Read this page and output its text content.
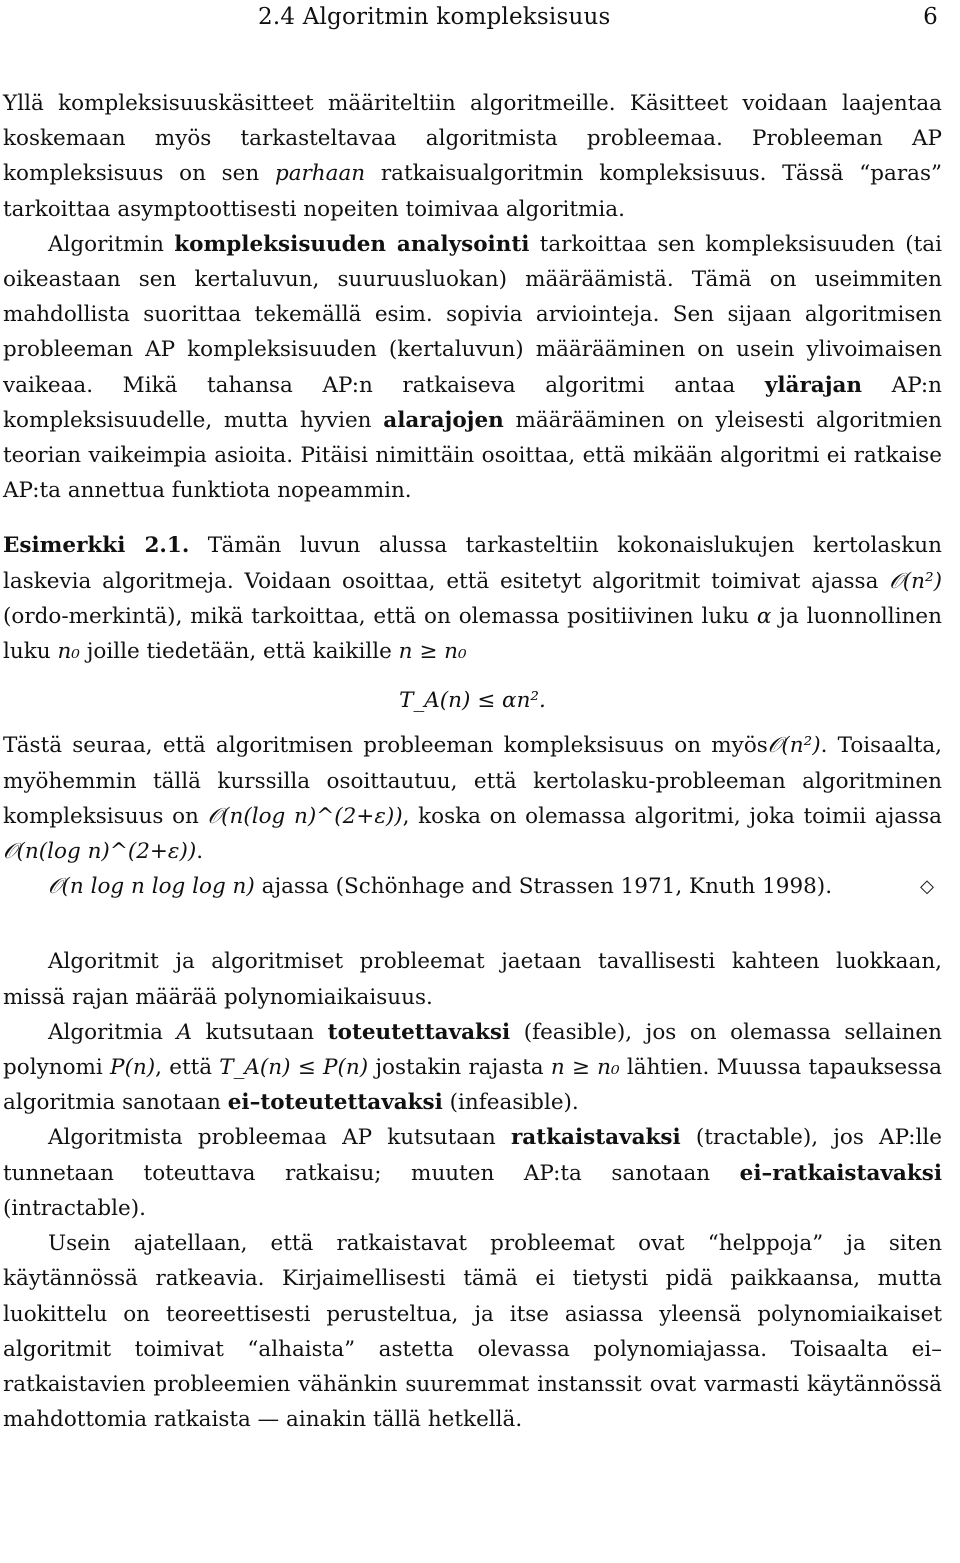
2.4 Algoritmin kompleksisuus	6

Yllä kompleksisuuskäsitteet määriteltiin algoritmeille. Käsitteet voidaan laajentaa koskemaan myös tarkasteltavaa algoritmista probleemaa. Probleeman AP kompleksisuus on sen parhaan ratkaisualgoritmin kompleksisuus. Tässä “paras” tarkoittaa asymptoottisesti nopeiten toimivaa algoritmia.

Algoritmin kompleksisuuden analysointi tarkoittaa sen kompleksisuuden (tai oikeastaan sen kertaluvun, suuruusluokan) määräämistä. Tämä on useimmiten mahdollista suorittaa tekemällä esim. sopivia arviointeja. Sen sijaan algoritmisen probleeman AP kompleksisuuden (kertaluvun) määrääminen on usein ylivoimaisen vaikeaa. Mikä tahansa AP:n ratkaiseva algoritmi antaa ylärajan AP:n kompleksisuudelle, mutta hyvien alarajojen määrääminen on yleisesti algoritmien teorian vaikeimpia asioita. Pitäisi nimittäin osoittaa, että mikään algoritmi ei ratkaise AP:ta annettua funktiota nopeammin.

Esimerkki 2.1. Tämän luvun alussa tarkasteltiin kokonaislukujen kertolaskun laskevia algoritmeja. Voidaan osoittaa, että esitetyt algoritmit toimivat ajassa 𝒪(n²) (ordo-merkintä), mikä tarkoittaa, että on olemassa positiivinen luku α ja luonnollinen luku n₀ joille tiedetään, että kaikille n ≥ n₀

T_A(n) ≤ αn².

Tästä seuraa, että algoritmisen probleeman kompleksisuus on myös𝒪(n²). Toisaalta, myöhemmin tällä kurssilla osoittautuu, että kertolasku-probleeman algoritminen kompleksisuus on 𝒪(n(log n)^(2+ε)), koska on olemassa algoritmi, joka toimii ajassa 𝒪(n(log n)^(2+ε)).

𝒪(n log n log log n) ajassa (Schönhage and Strassen 1971, Knuth 1998).	◇

Algoritmit ja algoritmiset probleemat jaetaan tavallisesti kahteen luokkaan, missä rajan määrää polynomiaikaisuus.

Algoritmia A kutsutaan toteutettavaksi (feasible), jos on olemassa sellainen polynomi P(n), että T_A(n) ≤ P(n) jostakin rajasta n ≥ n₀ lähtien. Muussa tapauksessa algoritmia sanotaan ei–toteutettavaksi (infeasible).

Algoritmista probleemaa AP kutsutaan ratkaistavaksi (tractable), jos AP:lle tunnetaan toteuttava ratkaisu; muuten AP:ta sanotaan ei–ratkaistavaksi (intractable).

Usein ajatellaan, että ratkaistavat probleemat ovat “helppoja” ja siten käytännössä ratkeavia. Kirjaimellisesti tämä ei tietysti pidä paikkaansa, mutta luokittelu on teoreettisesti perusteltua, ja itse asiassa yleensä polynomiaikaiset algoritmit toimivat “alhaista” astetta olevassa polynomiajassa. Toisaalta ei–ratkaistavien probleemien vähänkin suuremmat instanssit ovat varmasti käytännössä mahdottomia ratkaista — ainakin tällä hetkellä.
